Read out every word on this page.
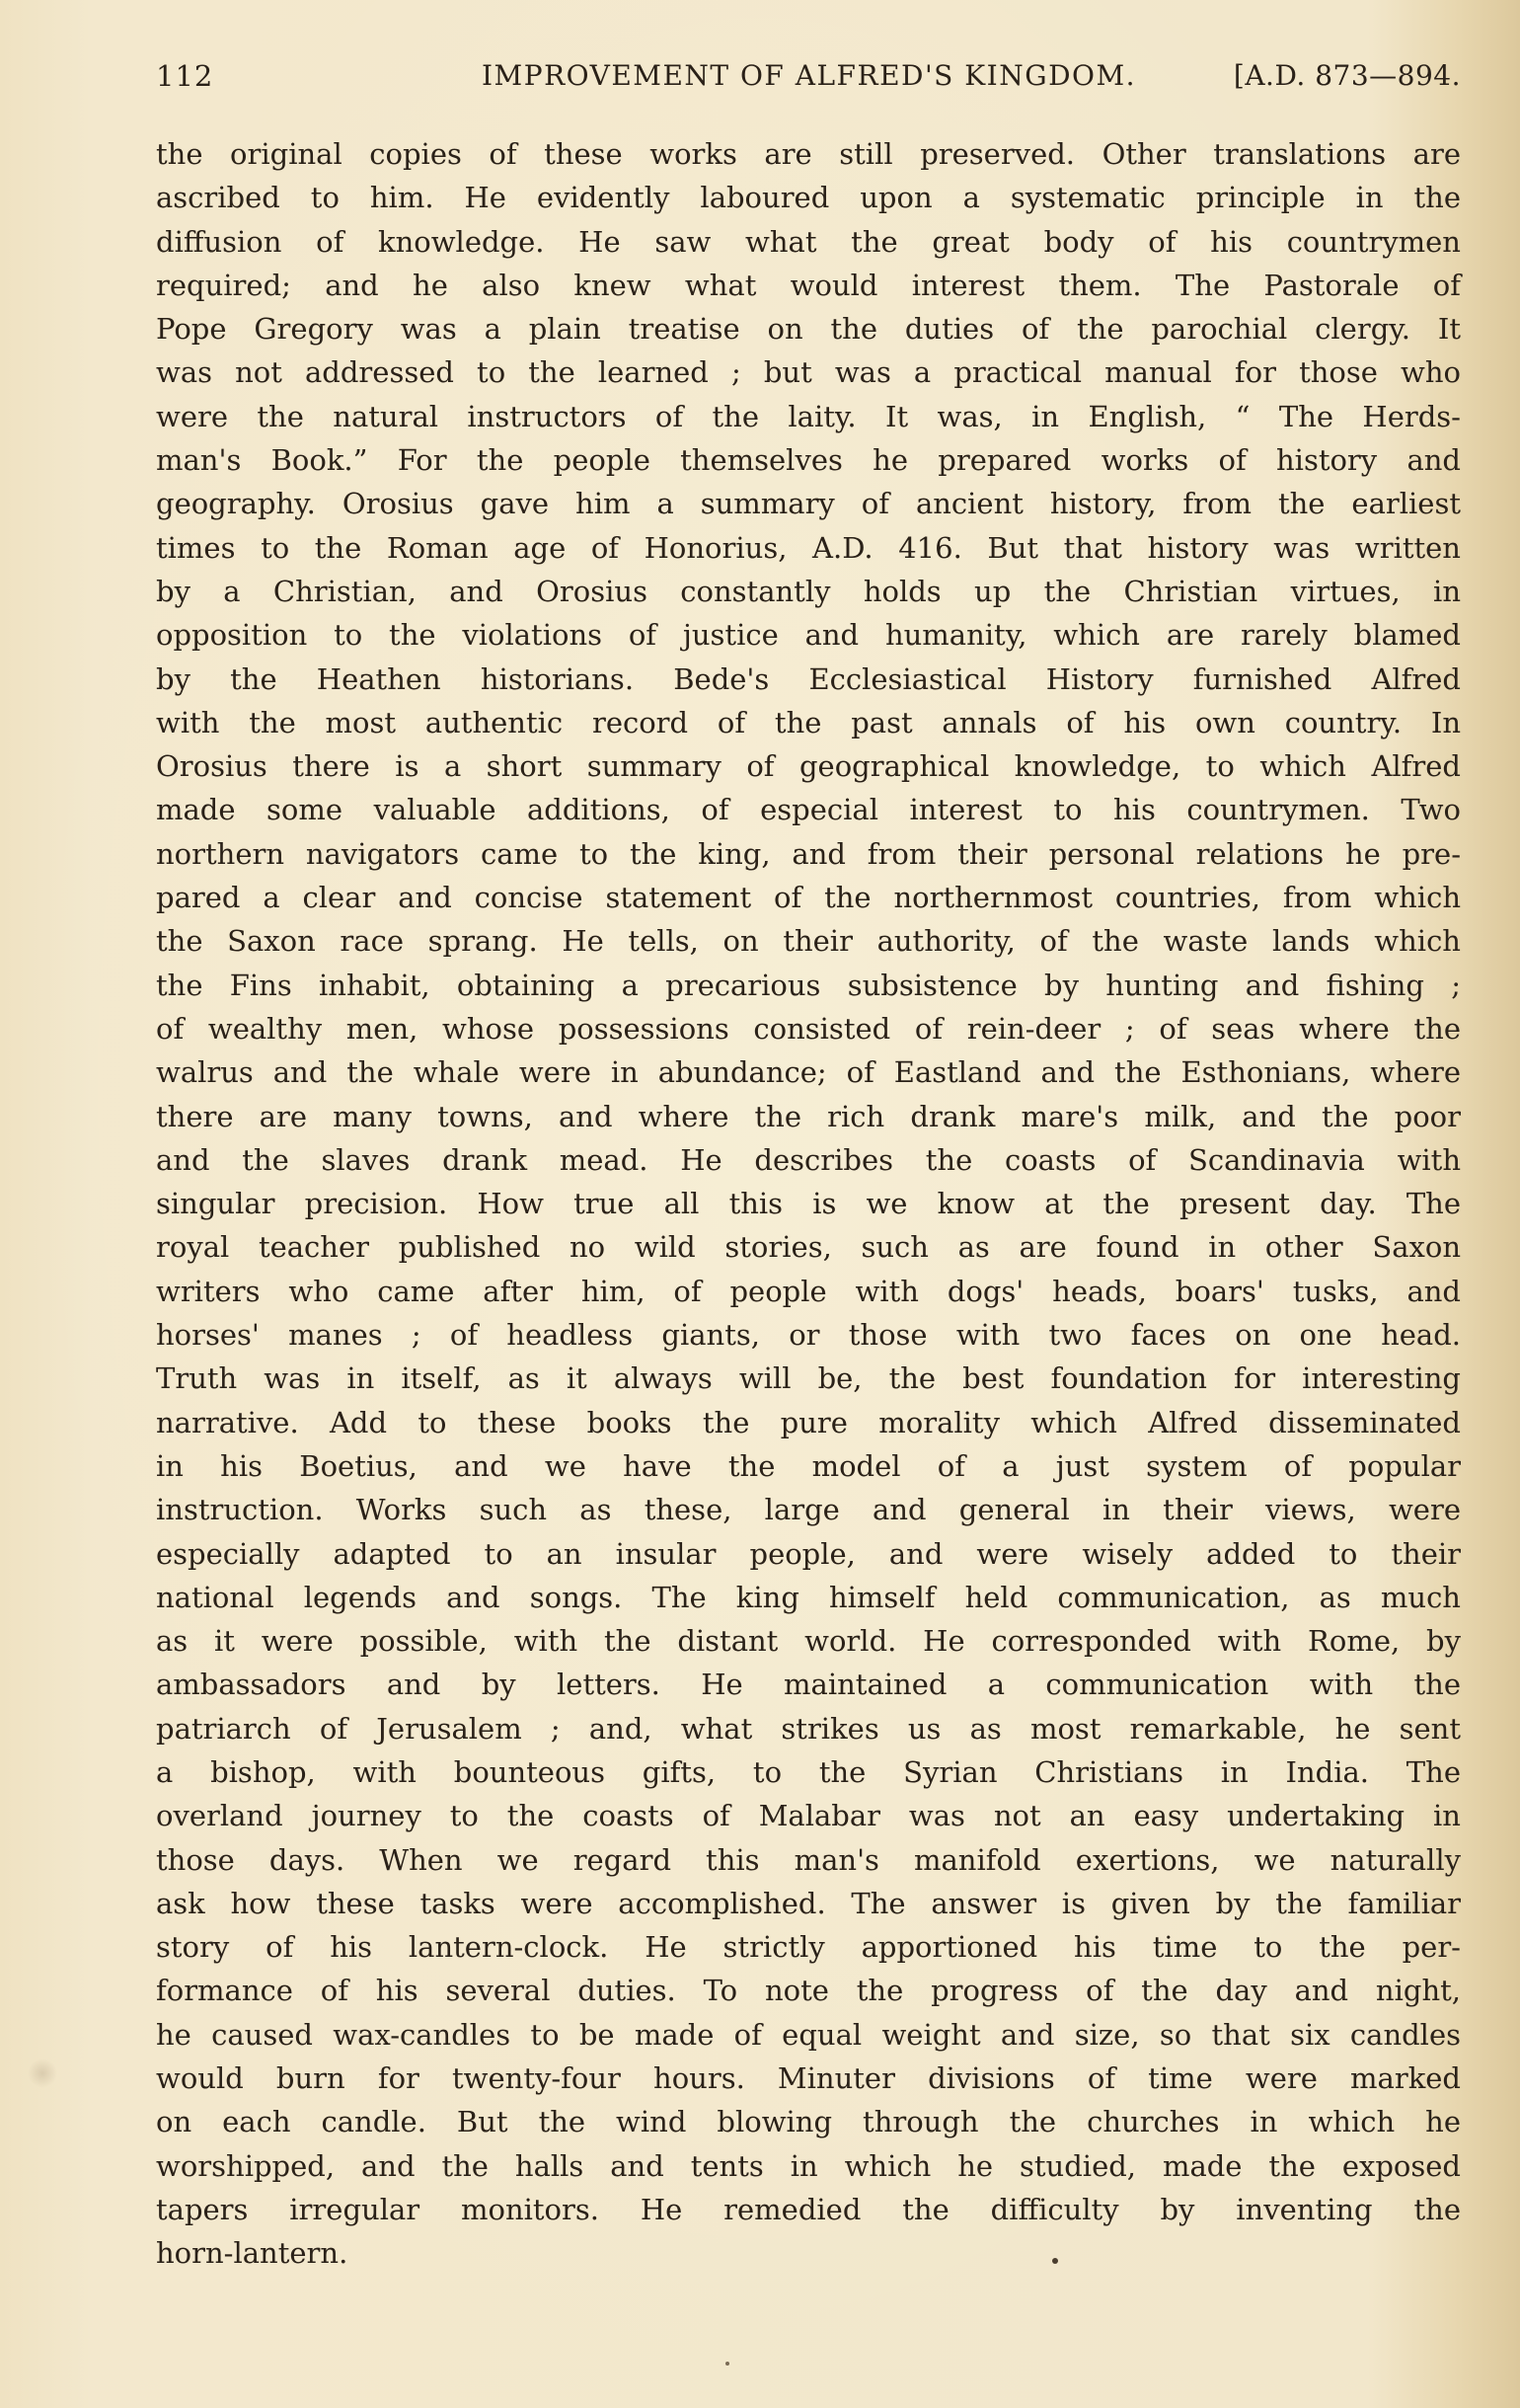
112	IMPROVEMENT OF ALFRED'S KINGDOM.	[A.D. 873—894.
the original copies of these works are still preserved. Other translations are
ascribed to him. He evidently laboured upon a systematic principle in the
diffusion of knowledge. He saw what the great body of his countrymen
required; and he also knew what would interest them. The Pastorale of
Pope Gregory was a plain treatise on the duties of the parochial clergy. It
was not addressed to the learned ; but was a practical manual for those who
were the natural instructors of the laity. It was, in English, “ The Herds-
man's Book.” For the people themselves he prepared works of history and
geography. Orosius gave him a summary of ancient history, from the earliest
times to the Roman age of Honorius, A.D. 416. But that history was written
by a Christian, and Orosius constantly holds up the Christian virtues, in
opposition to the violations of justice and humanity, which are rarely blamed
by the Heathen historians. Bede's Ecclesiastical History furnished Alfred
with the most authentic record of the past annals of his own country. In
Orosius there is a short summary of geographical knowledge, to which Alfred
made some valuable additions, of especial interest to his countrymen. Two
northern navigators came to the king, and from their personal relations he pre-
pared a clear and concise statement of the northernmost countries, from which
the Saxon race sprang. He tells, on their authority, of the waste lands which
the Fins inhabit, obtaining a precarious subsistence by hunting and fishing ;
of wealthy men, whose possessions consisted of rein-deer ; of seas where the
walrus and the whale were in abundance; of Eastland and the Esthonians, where
there are many towns, and where the rich drank mare's milk, and the poor
and the slaves drank mead. He describes the coasts of Scandinavia with
singular precision. How true all this is we know at the present day. The
royal teacher published no wild stories, such as are found in other Saxon
writers who came after him, of people with dogs' heads, boars' tusks, and
horses' manes ; of headless giants, or those with two faces on one head.
Truth was in itself, as it always will be, the best foundation for interesting
narrative. Add to these books the pure morality which Alfred disseminated
in his Boetius, and we have the model of a just system of popular
instruction. Works such as these, large and general in their views, were
especially adapted to an insular people, and were wisely added to their
national legends and songs. The king himself held communication, as much
as it were possible, with the distant world. He corresponded with Rome, by
ambassadors and by letters. He maintained a communication with the
patriarch of Jerusalem ; and, what strikes us as most remarkable, he sent
a bishop, with bounteous gifts, to the Syrian Christians in India. The
overland journey to the coasts of Malabar was not an easy undertaking in
those days. When we regard this man's manifold exertions, we naturally
ask how these tasks were accomplished. The answer is given by the familiar
story of his lantern-clock. He strictly apportioned his time to the per-
formance of his several duties. To note the progress of the day and night,
he caused wax-candles to be made of equal weight and size, so that six candles
would burn for twenty-four hours. Minuter divisions of time were marked
on each candle. But the wind blowing through the churches in which he
worshipped, and the halls and tents in which he studied, made the exposed
tapers irregular monitors. He remedied the difficulty by inventing the
horn-lantern.
